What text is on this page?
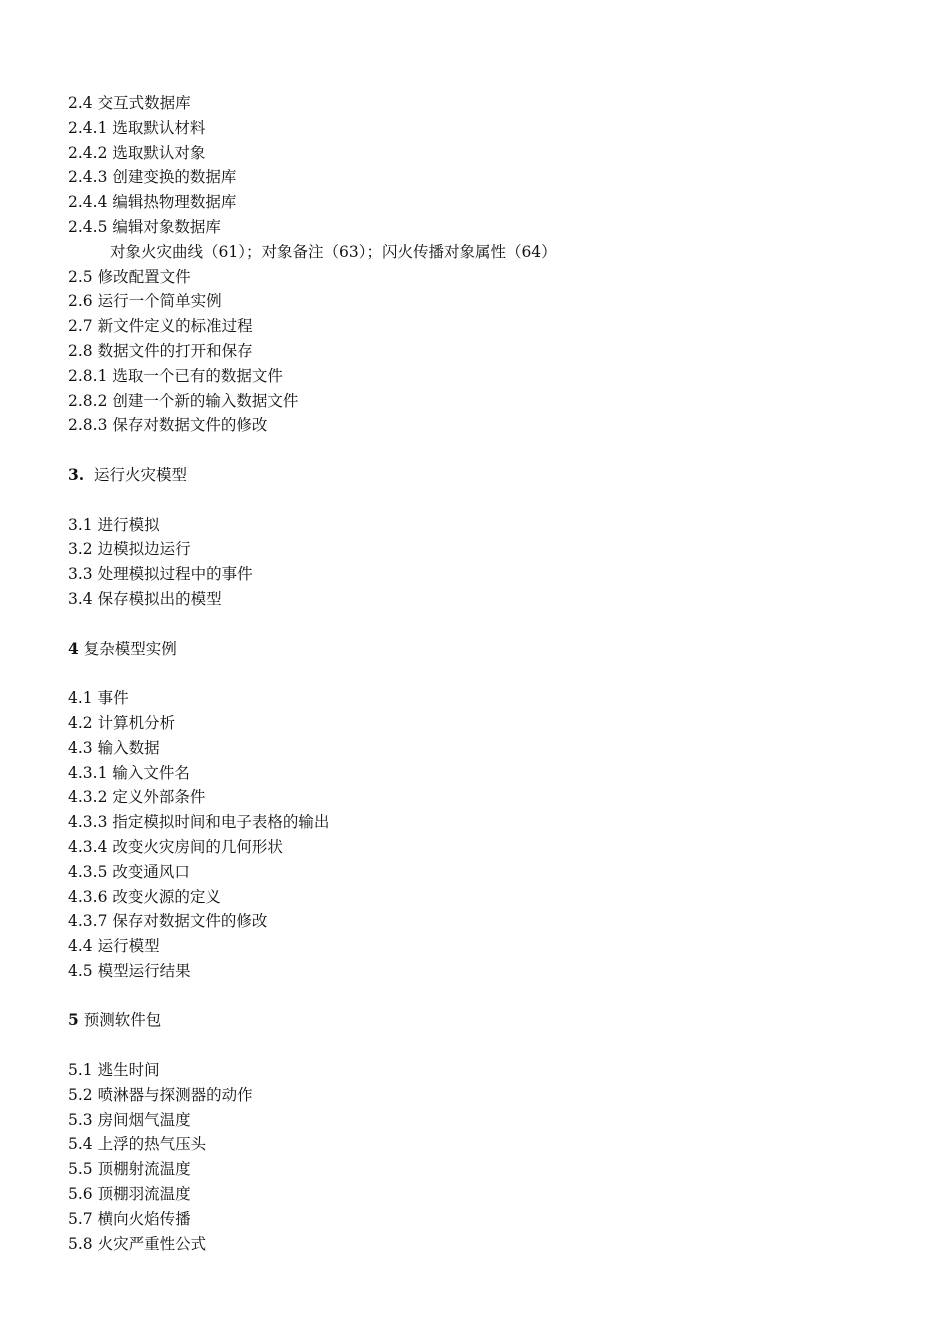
2.4 交互式数据库
2.4.1 选取默认材料
2.4.2 选取默认对象
2.4.3 创建变换的数据库
2.4.4 编辑热物理数据库
2.4.5 编辑对象数据库
对象火灾曲线（61）；对象备注（63）；闪火传播对象属性（64）
2.5 修改配置文件
2.6 运行一个简单实例
2.7 新文件定义的标准过程
2.8 数据文件的打开和保存
2.8.1 选取一个已有的数据文件
2.8.2 创建一个新的输入数据文件
2.8.3 保存对数据文件的修改
3. 运行火灾模型
3.1 进行模拟
3.2 边模拟边运行
3.3 处理模拟过程中的事件
3.4 保存模拟出的模型
4 复杂模型实例
4.1 事件
4.2 计算机分析
4.3 输入数据
4.3.1 输入文件名
4.3.2 定义外部条件
4.3.3 指定模拟时间和电子表格的输出
4.3.4 改变火灾房间的几何形状
4.3.5 改变通风口
4.3.6 改变火源的定义
4.3.7 保存对数据文件的修改
4.4 运行模型
4.5 模型运行结果
5 预测软件包
5.1 逃生时间
5.2 喷淋器与探测器的动作
5.3 房间烟气温度
5.4 上浮的热气压头
5.5 顶棚射流温度
5.6 顶棚羽流温度
5.7 横向火焰传播
5.8 火灾严重性公式
